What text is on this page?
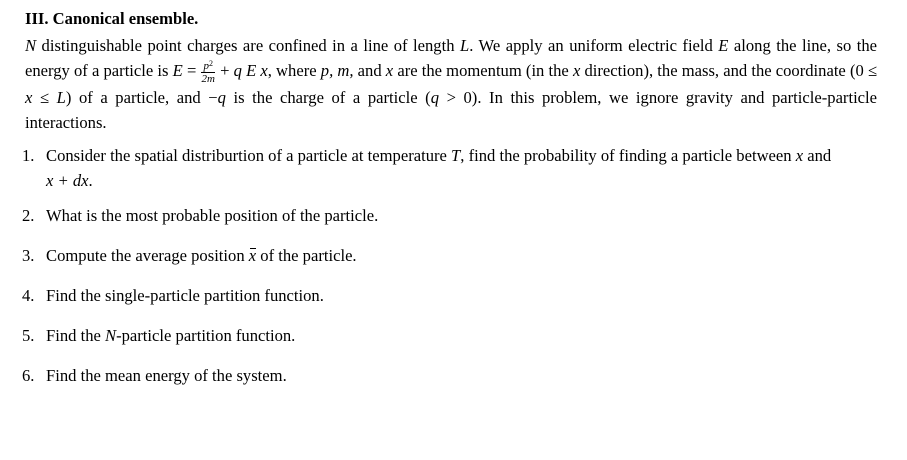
III. Canonical ensemble.

N distinguishable point charges are confined in a line of length L. We apply an uniform electric field E along the line, so the energy of a particle is $E = \frac{p^2}{2m} + q$ E x, where p, m, and x are the momentum (in the x direction), the mass, and the coordinate (0 ≤ x ≤ L) of a particle, and −q is the charge of a particle (q > 0). In this problem, we ignore gravity and particle-particle interactions.

1. Consider the spatial distriburtion of a particle at temperature T, find the probability of finding a particle between x and x + dx.
2. What is the most probable position of the particle.
3. Compute the average position x of the particle.
4. Find the single-particle partition function.
5. Find the N-particle partition function.
6. Find the mean energy of the system.
